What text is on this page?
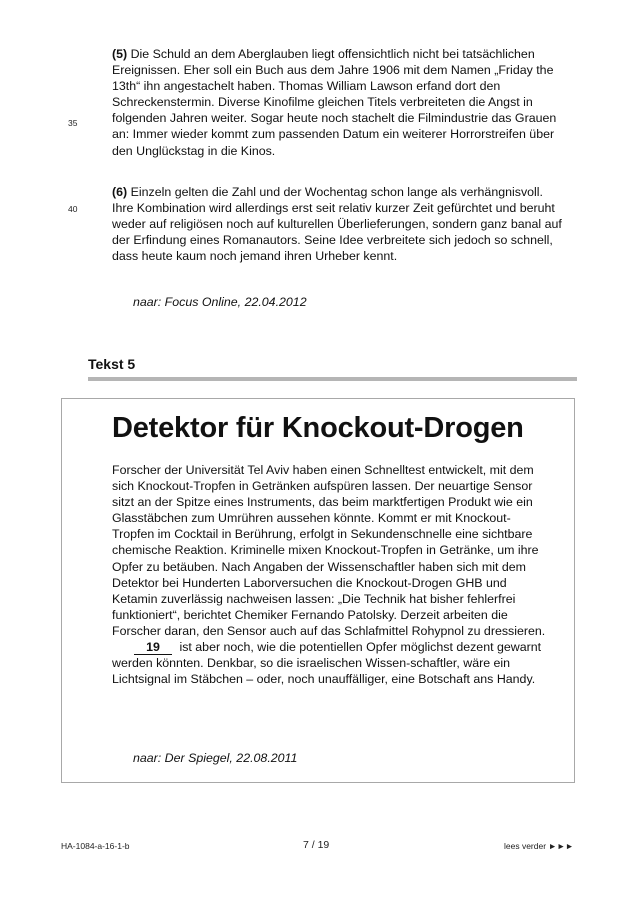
(5) Die Schuld an dem Aberglauben liegt offensichtlich nicht bei tatsächlichen Ereignissen. Eher soll ein Buch aus dem Jahre 1906 mit dem Namen „Friday the 13th“ ihn angestachelt haben. Thomas William Lawson erfand dort den Schreckenstermin. Diverse Kinofilme gleichen Titels verbreiteten die Angst in folgenden Jahren weiter. Sogar heute noch stachelt die Filmindustrie das Grauen an: Immer wieder kommt zum passenden Datum ein weiterer Horrorstreifen über den Unglückstag in die Kinos.

35

(6) Einzeln gelten die Zahl und der Wochentag schon lange als verhängnisvoll. Ihre Kombination wird allerdings erst seit relativ kurzer Zeit gefürchtet und beruht weder auf religiösen noch auf kulturellen Überlieferungen, sondern ganz banal auf der Erfindung eines Romanautors. Seine Idee verbreitete sich jedoch so schnell, dass heute kaum noch jemand ihren Urheber kennt.

40
naar: Focus Online, 22.04.2012
Tekst 5
Detektor für Knockout-Drogen

Forscher der Universität Tel Aviv haben einen Schnelltest entwickelt, mit dem sich Knockout-Tropfen in Getränken aufspüren lassen. Der neuartige Sensor sitzt an der Spitze eines Instruments, das beim marktfertigen Produkt wie ein Glasstäbchen zum Umrühren aussehen könnte. Kommt er mit Knockout-Tropfen im Cocktail in Berührung, erfolgt in Sekundenschnelle eine sichtbare chemische Reaktion. Kriminelle mixen Knockout-Tropfen in Getränke, um ihre Opfer zu betäuben. Nach Angaben der Wissenschaftler haben sich mit dem Detektor bei Hunderten Laborversuchen die Knockout-Drogen GHB und Ketamin zuverlässig nachweisen lassen: „Die Technik hat bisher fehlerfrei funktioniert“, berichtet Chemiker Fernando Patolsky. Derzeit arbeiten die Forscher daran, den Sensor auch auf das Schlafmittel Rohypnol zu dressieren.

19 ist aber noch, wie die potentiellen Opfer möglichst dezent gewarnt werden könnten. Denkbar, so die israelischen Wissen-schaftler, wäre ein Lichtsignal im Stäbchen – oder, noch unauffälliger, eine Botschaft ans Handy.

naar: Der Spiegel, 22.08.2011
HA-1084-a-16-1-b	7 / 19	lees verder ►►►
